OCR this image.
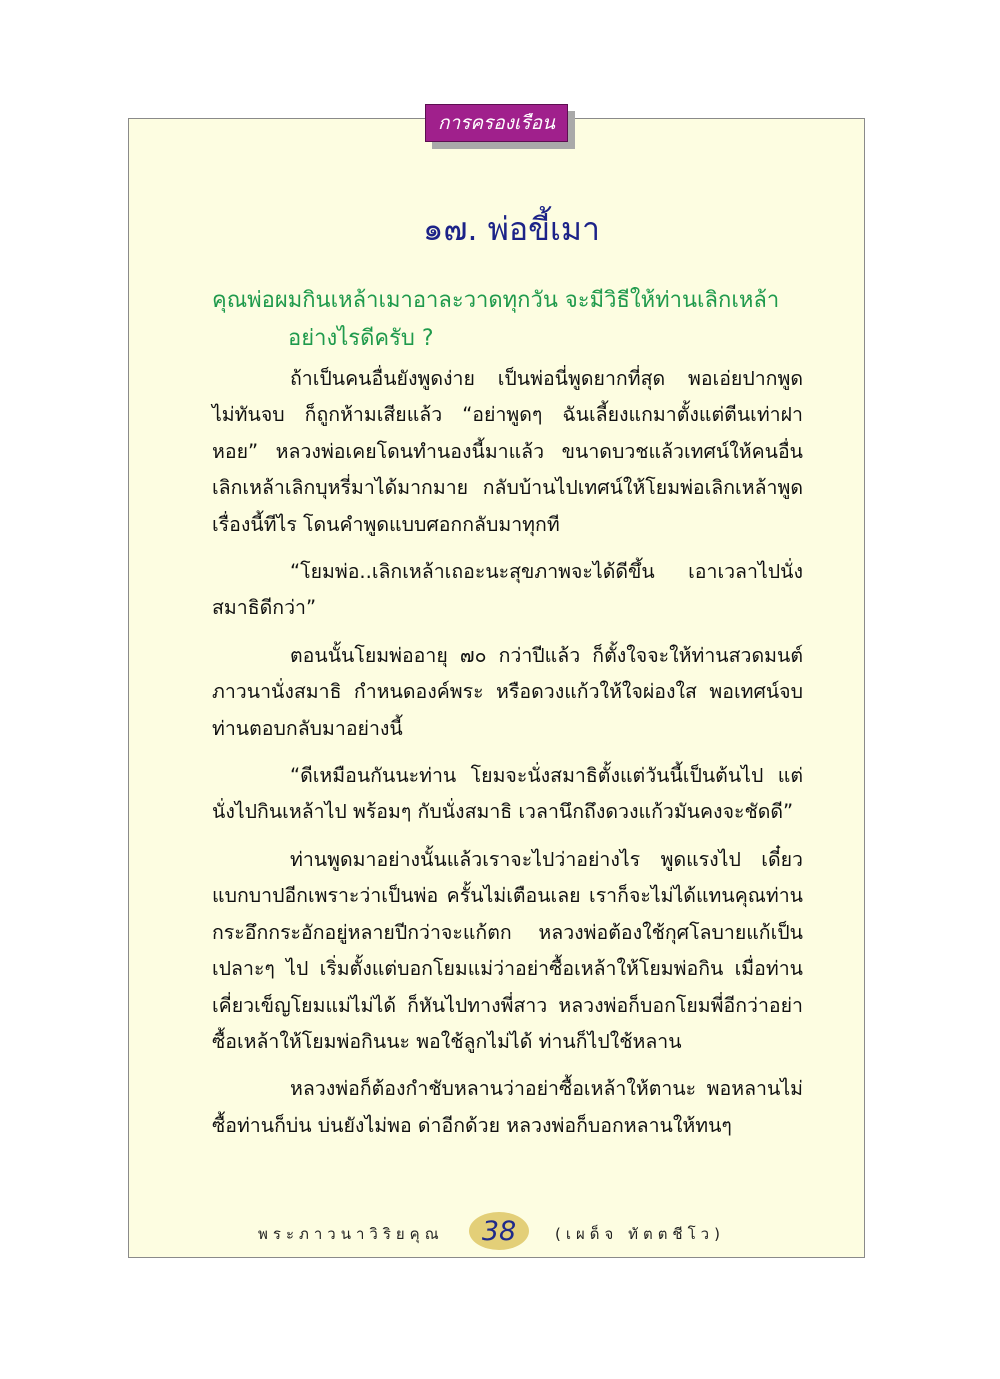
การครองเรือน
๑๗. พ่อขี้เมา
คุณพ่อผมกินเหล้าเมาอาละวาดทุกวัน จะมีวิธีให้ท่านเลิกเหล้า
อย่างไรดีครับ ?

ถ้าเป็นคนอื่นยังพูดง่าย เป็นพ่อนี่พูดยากที่สุด พอเอ่ยปากพูดไม่ทันจบ ก็ถูกห้ามเสียแล้ว “อย่าพูดๆ ฉันเลี้ยงแกมาตั้งแต่ตีนเท่าฝาหอย” หลวงพ่อเคยโดนทำนองนี้มาแล้ว ขนาดบวชแล้วเทศน์ให้คนอื่นเลิกเหล้าเลิกบุหรี่มาได้มากมาย กลับบ้านไปเทศน์ให้โยมพ่อเลิกเหล้าพูดเรื่องนี้ทีไร โดนคำพูดแบบศอกกลับมาทุกที

“โยมพ่อ..เลิกเหล้าเถอะนะสุขภาพจะได้ดีขึ้น เอาเวลาไปนั่งสมาธิดีกว่า”

ตอนนั้นโยมพ่ออายุ ๗๐ กว่าปีแล้ว ก็ตั้งใจจะให้ท่านสวดมนต์ภาวนานั่งสมาธิ กำหนดองค์พระ หรือดวงแก้วให้ใจผ่องใส พอเทศน์จบท่านตอบกลับมาอย่างนี้

“ดีเหมือนกันนะท่าน โยมจะนั่งสมาธิตั้งแต่วันนี้เป็นต้นไป แต่นั่งไปกินเหล้าไป พร้อมๆ กับนั่งสมาธิ เวลานึกถึงดวงแก้วมันคงจะชัดดี”

ท่านพูดมาอย่างนั้นแล้วเราจะไปว่าอย่างไร พูดแรงไป เดี๋ยวแบกบาปอีกเพราะว่าเป็นพ่อ ครั้นไม่เตือนเลย เราก็จะไม่ได้แทนคุณท่านกระอึกกระอักอยู่หลายปีกว่าจะแก้ตก หลวงพ่อต้องใช้กุศโลบายแก้เป็นเปลาะๆ ไป เริ่มตั้งแต่บอกโยมแม่ว่าอย่าซื้อเหล้าให้โยมพ่อกิน เมื่อท่านเคี่ยวเข็ญโยมแม่ไม่ได้ ก็หันไปทางพี่สาว หลวงพ่อก็บอกโยมพี่อีกว่าอย่าซื้อเหล้าให้โยมพ่อกินนะ พอใช้ลูกไม่ได้ ท่านก็ไปใช้หลาน

หลวงพ่อก็ต้องกำชับหลานว่าอย่าซื้อเหล้าให้ตานะ พอหลานไม่ซื้อท่านก็บ่น บ่นยังไม่พอ ด่าอีกด้วย หลวงพ่อก็บอกหลานให้ทนๆ

พระภาวนาวิริยคุณ 38	(เผด็จ ทัตตชีโว)
